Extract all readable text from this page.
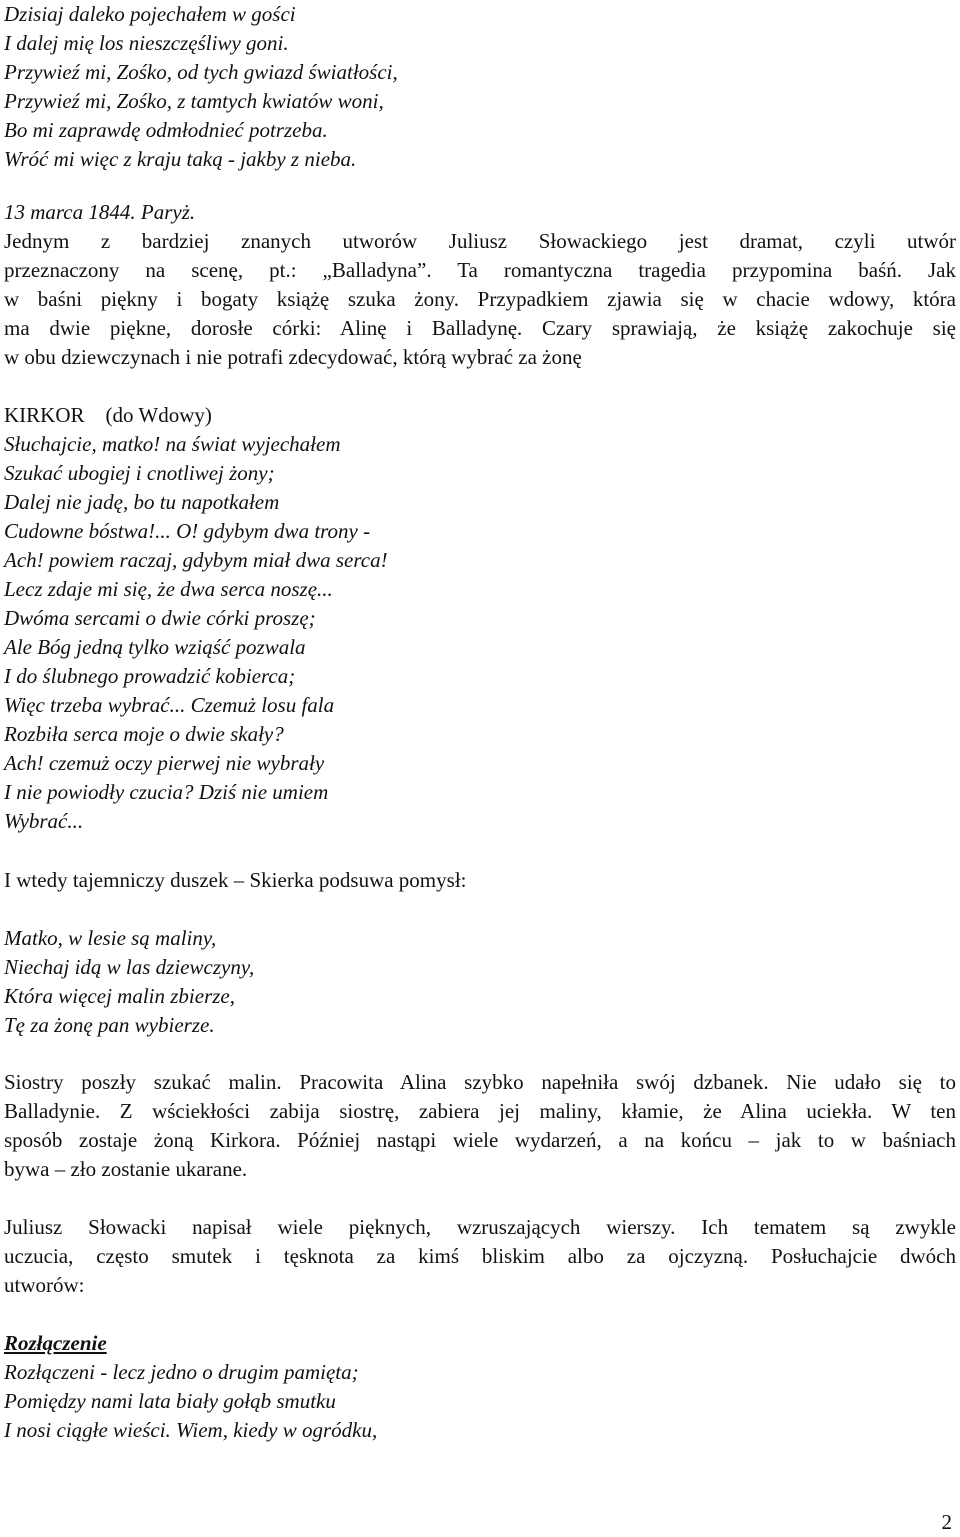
Dzisiaj daleko pojechałem w gości
I dalej mię los nieszczęśliwy goni.
Przywieź mi, Zośko, od tych gwiazd światłości,
Przywieź mi, Zośko, z tamtych kwiatów woni,
Bo mi zaprawdę odmłodnieć potrzeba.
Wróć mi więc z kraju taką - jakby z nieba.
13 marca 1844. Paryż.
Jednym z bardziej znanych utworów Juliusz Słowackiego jest dramat, czyli utwór
przeznaczony na scenę, pt.: „Balladyna”. Ta romantyczna tragedia przypomina baśń. Jak
w baśni piękny i bogaty książę szuka żony. Przypadkiem zjawia się w chacie wdowy, która
ma dwie piękne, dorosłe córki: Alinę i Balladynę. Czary sprawiają, że książę zakochuje się
w obu dziewczynach i nie potrafi zdecydować, którą wybrać za żonę
KIRKOR    (do Wdowy)
Słuchajcie, matko! na świat wyjechałem
Szukać ubogiej i cnotliwej żony;
Dalej nie jadę, bo tu napotkałem
Cudowne bóstwa!... O! gdybym dwa trony -
Ach! powiem raczaj, gdybym miał dwa serca!
Lecz zdaje mi się, że dwa serca noszę...
Dwóma sercami o dwie córki proszę;
Ale Bóg jedną tylko wziąść pozwala
I do ślubnego prowadzić kobierca;
Więc trzeba wybrać... Czemuż losu fala
Rozbiła serca moje o dwie skały?
Ach! czemuż oczy pierwej nie wybrały
I nie powiodły czucia? Dziś nie umiem
Wybrać...
I wtedy tajemniczy duszek – Skierka podsuwa pomysł:
Matko, w lesie są maliny,
Niechaj idą w las dziewczyny,
Która więcej malin zbierze,
Tę za żonę pan wybierze.
Siostry poszły szukać malin. Pracowita Alina szybko napełniła swój dzbanek. Nie udało się to
Balladynie. Z wściekłości zabija siostrę, zabiera jej maliny, kłamie, że Alina uciekła. W ten
sposób zostaje żoną Kirkora. Później nastąpi wiele wydarzeń, a na końcu – jak to w baśniach
bywa – zło zostanie ukarane.
Juliusz Słowacki napisał wiele pięknych, wzruszających wierszy. Ich tematem są zwykle
uczucia, często smutek i tęsknota za kimś bliskim albo za ojczyzną. Posłuchajcie dwóch
utworów:
Rozłączenie
Rozłączeni - lecz jedno o drugim pamięta;
Pomiędzy nami lata biały gołąb smutku
I nosi ciągłe wieści. Wiem, kiedy w ogródku,
2
